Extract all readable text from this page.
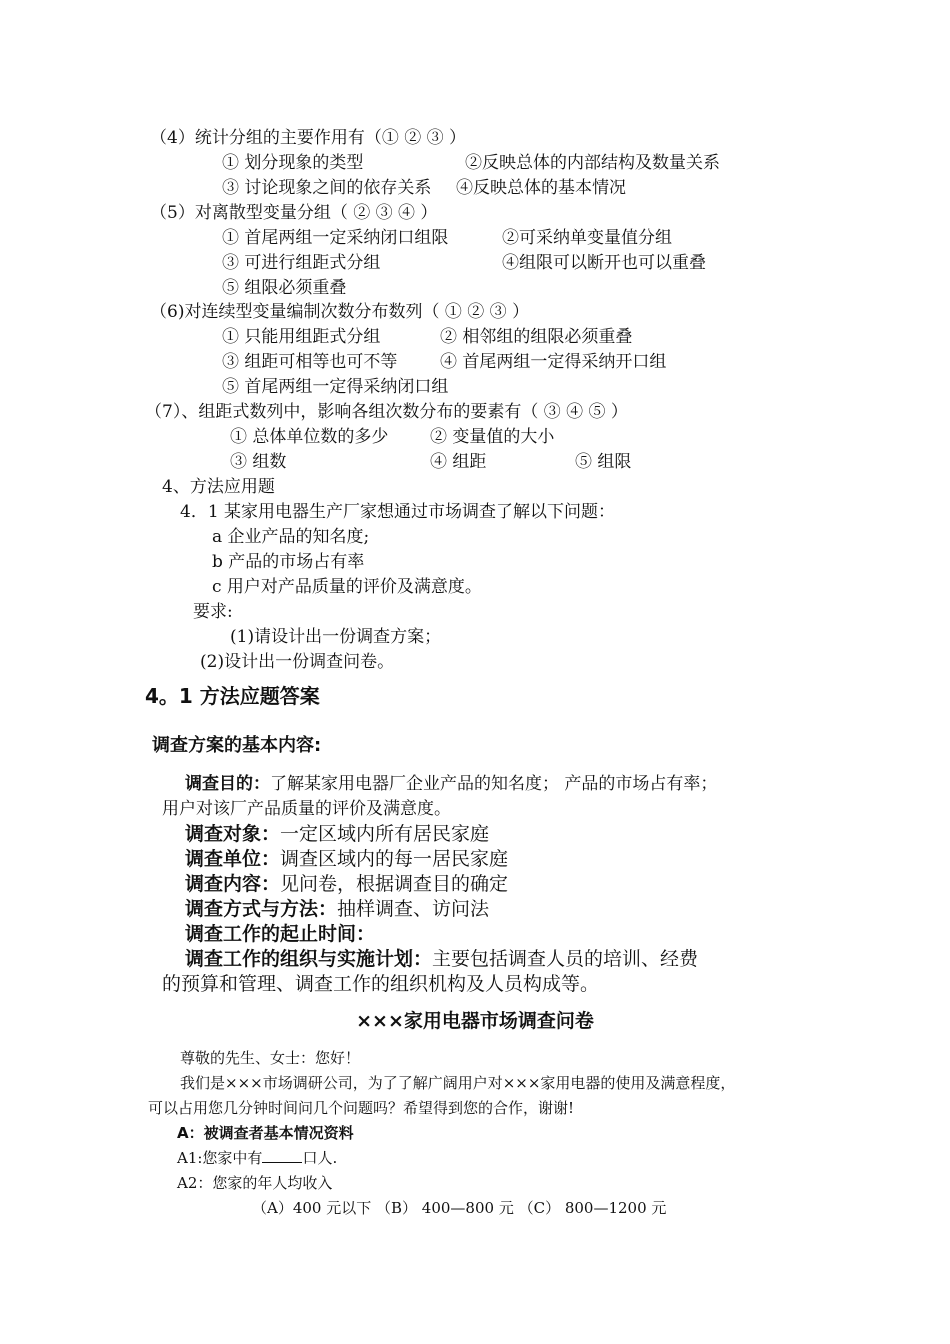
（4）统计分组的主要作用有（① ② ③ ）
① 划分现象的类型	②反映总体的内部结构及数量关系
③ 讨论现象之间的依存关系 ④反映总体的基本情况
（5）对离散型变量分组（ ② ③ ④ ）
① 首尾两组一定采纳闭口组限	②可采纳单变量值分组
③ 可进行组距式分组	④组限可以断开也可以重叠
⑤ 组限必须重叠
（6)对连续型变量编制次数分布数列（ ① ② ③ ）
① 只能用组距式分组	② 相邻组的组限必须重叠
③ 组距可相等也可不等	④ 首尾两组一定得采纳开口组
⑤ 首尾两组一定得采纳闭口组
（7）、组距式数列中，影响各组次数分布的要素有（ ③ ④ ⑤ ）
① 总体单位数的多少 ② 变量值的大小
③ 组数	④ 组距	⑤ 组限
4、方法应用题
4．1 某家用电器生产厂家想通过市场调查了解以下问题：
a 企业产品的知名度;
b 产品的市场占有率
c 用户对产品质量的评价及满意度。
要求:
(1)请设计出一份调查方案；
(2)设计出一份调查问卷。
4。1 方法应题答案
调查方案的基本内容:
调查目的：了解某家用电器厂企业产品的知名度； 产品的市场占有率；
用户对该厂产品质量的评价及满意度。
调查对象：一定区域内所有居民家庭
调查单位：调查区域内的每一居民家庭
调查内容：见问卷，根据调查目的确定
调查方式与方法：抽样调查、访问法
调查工作的起止时间：
调查工作的组织与实施计划：主要包括调查人员的培训、经费
的预算和管理、调查工作的组织机构及人员构成等。
×××家用电器市场调查问卷
尊敬的先生、女士：您好！
我们是×××市场调研公司，为了了解广阔用户对×××家用电器的使用及满意程度，
可以占用您几分钟时间问几个问题吗？希望得到您的合作，谢谢!
A：被调查者基本情况资料
A1:您家中有	口人.
A2：您家的年人均收入
（A）400 元以下 （B） 400—800 元 （C） 800—1200 元
